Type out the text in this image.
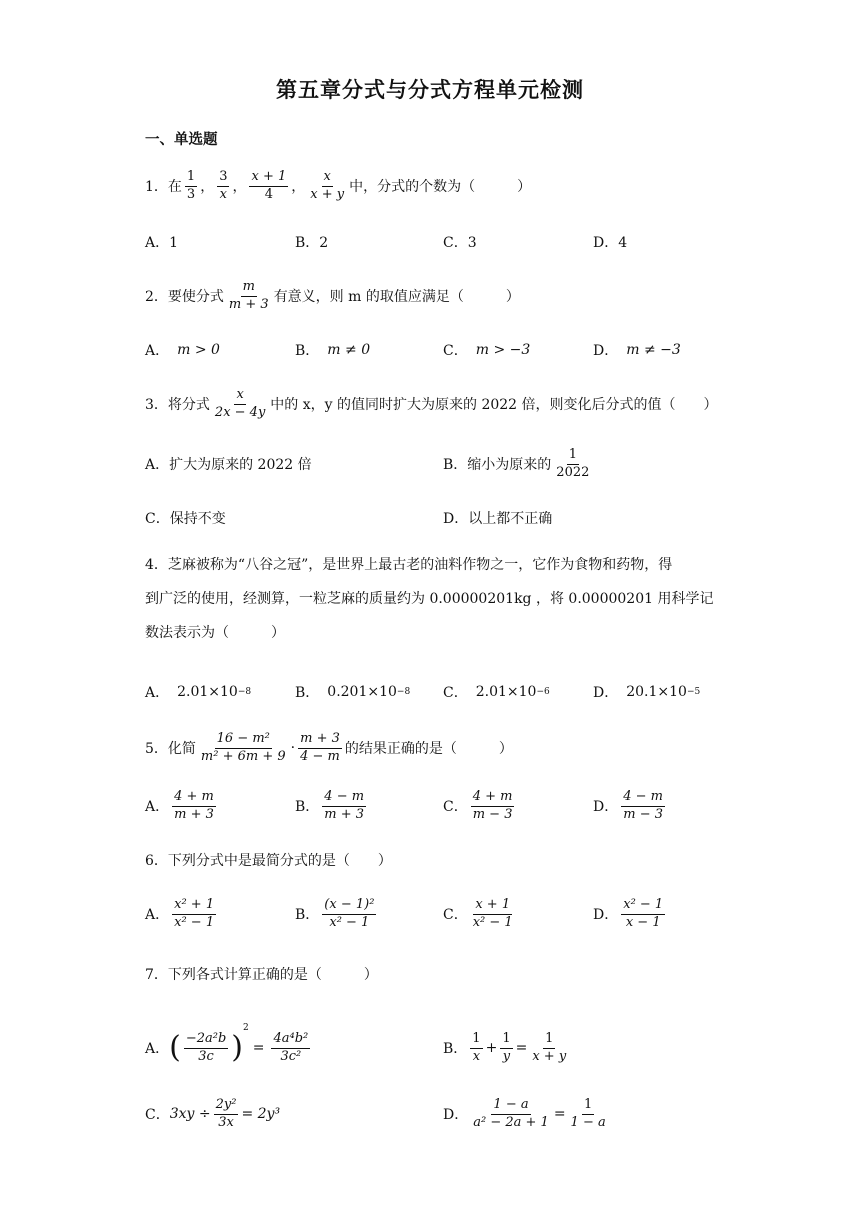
第五章分式与分式方程单元检测
一、单选题
1．在 $\frac{1}{3}$ ， $\frac{3}{x}$ ， $\frac{x + 1}{4}$ ， $\frac{x}{x + y}$ 中，分式的个数为（　　　）
A．1	B．2	C．3	D．4
2．要使分式 $\frac{m}{m + 3}$ 有意义，则 m 的取值应满足（　　　）
A． m > 0	B． m ≠ 0	C． m > −3	D． m ≠ −3
3．将分式 $\frac{x}{2x - 4y}$ 中的 x，y 的值同时扩大为原来的 2022 倍，则变化后分式的值（　　）
A．扩大为原来的 2022 倍	B．缩小为原来的 $\frac{1}{2022}$
C．保持不变	D．以上都不正确
4．芝麻被称为“八谷之冠”，是世界上最古老的油料作物之一，它作为食物和药物，得
到广泛的使用，经测算，一粒芝麻的质量约为 0.00000201kg ，将 0.00000201 用科学记
数法表示为（　　　）
A． 2.01×10 −8	B． 0.201×10 −8 C． 2.01×10 −6	D． 20.1×10 −5
5．化简 $\frac{\text{16 − m²}}{\text{m² + 6m + 9}} \cdot \frac{m + 3}{4 - m}$ 的结果正确的是（　　　）
A． $\frac{4 + m}{m + 3}$	B． $\frac{4 - m}{m + 3}$	C． $\frac{4 + m}{m - 3}$	D． $\frac{4 - m}{m - 3}$
6．下列分式中是最简分式的是（　　）
A． $\frac{\text{x² + 1}}{\text{x² − 1}}$	B． $\frac{\text{(x − 1)²}}{\text{x² − 1}}$	C． $\frac{x + 1}{\text{x² − 1}}$	D． $\frac{\text{x² − 1}}{x - 1}$
7．下列各式计算正确的是（　　　）
A． ( $\frac{\text{−2a²b}}{3c}$ )
2
= $\frac{\text{4a⁴b²}}{\text{3c²}}$	B． $\frac{1}{x} + \frac{1}{y} = \frac{1}{x + y}$
C． $3xy \div \frac{\text{2y²}}{3x} = 2y^3$	D． $\frac{1 - a}{\text{a² − 2a + 1}} = \frac{1}{1 - a}$
